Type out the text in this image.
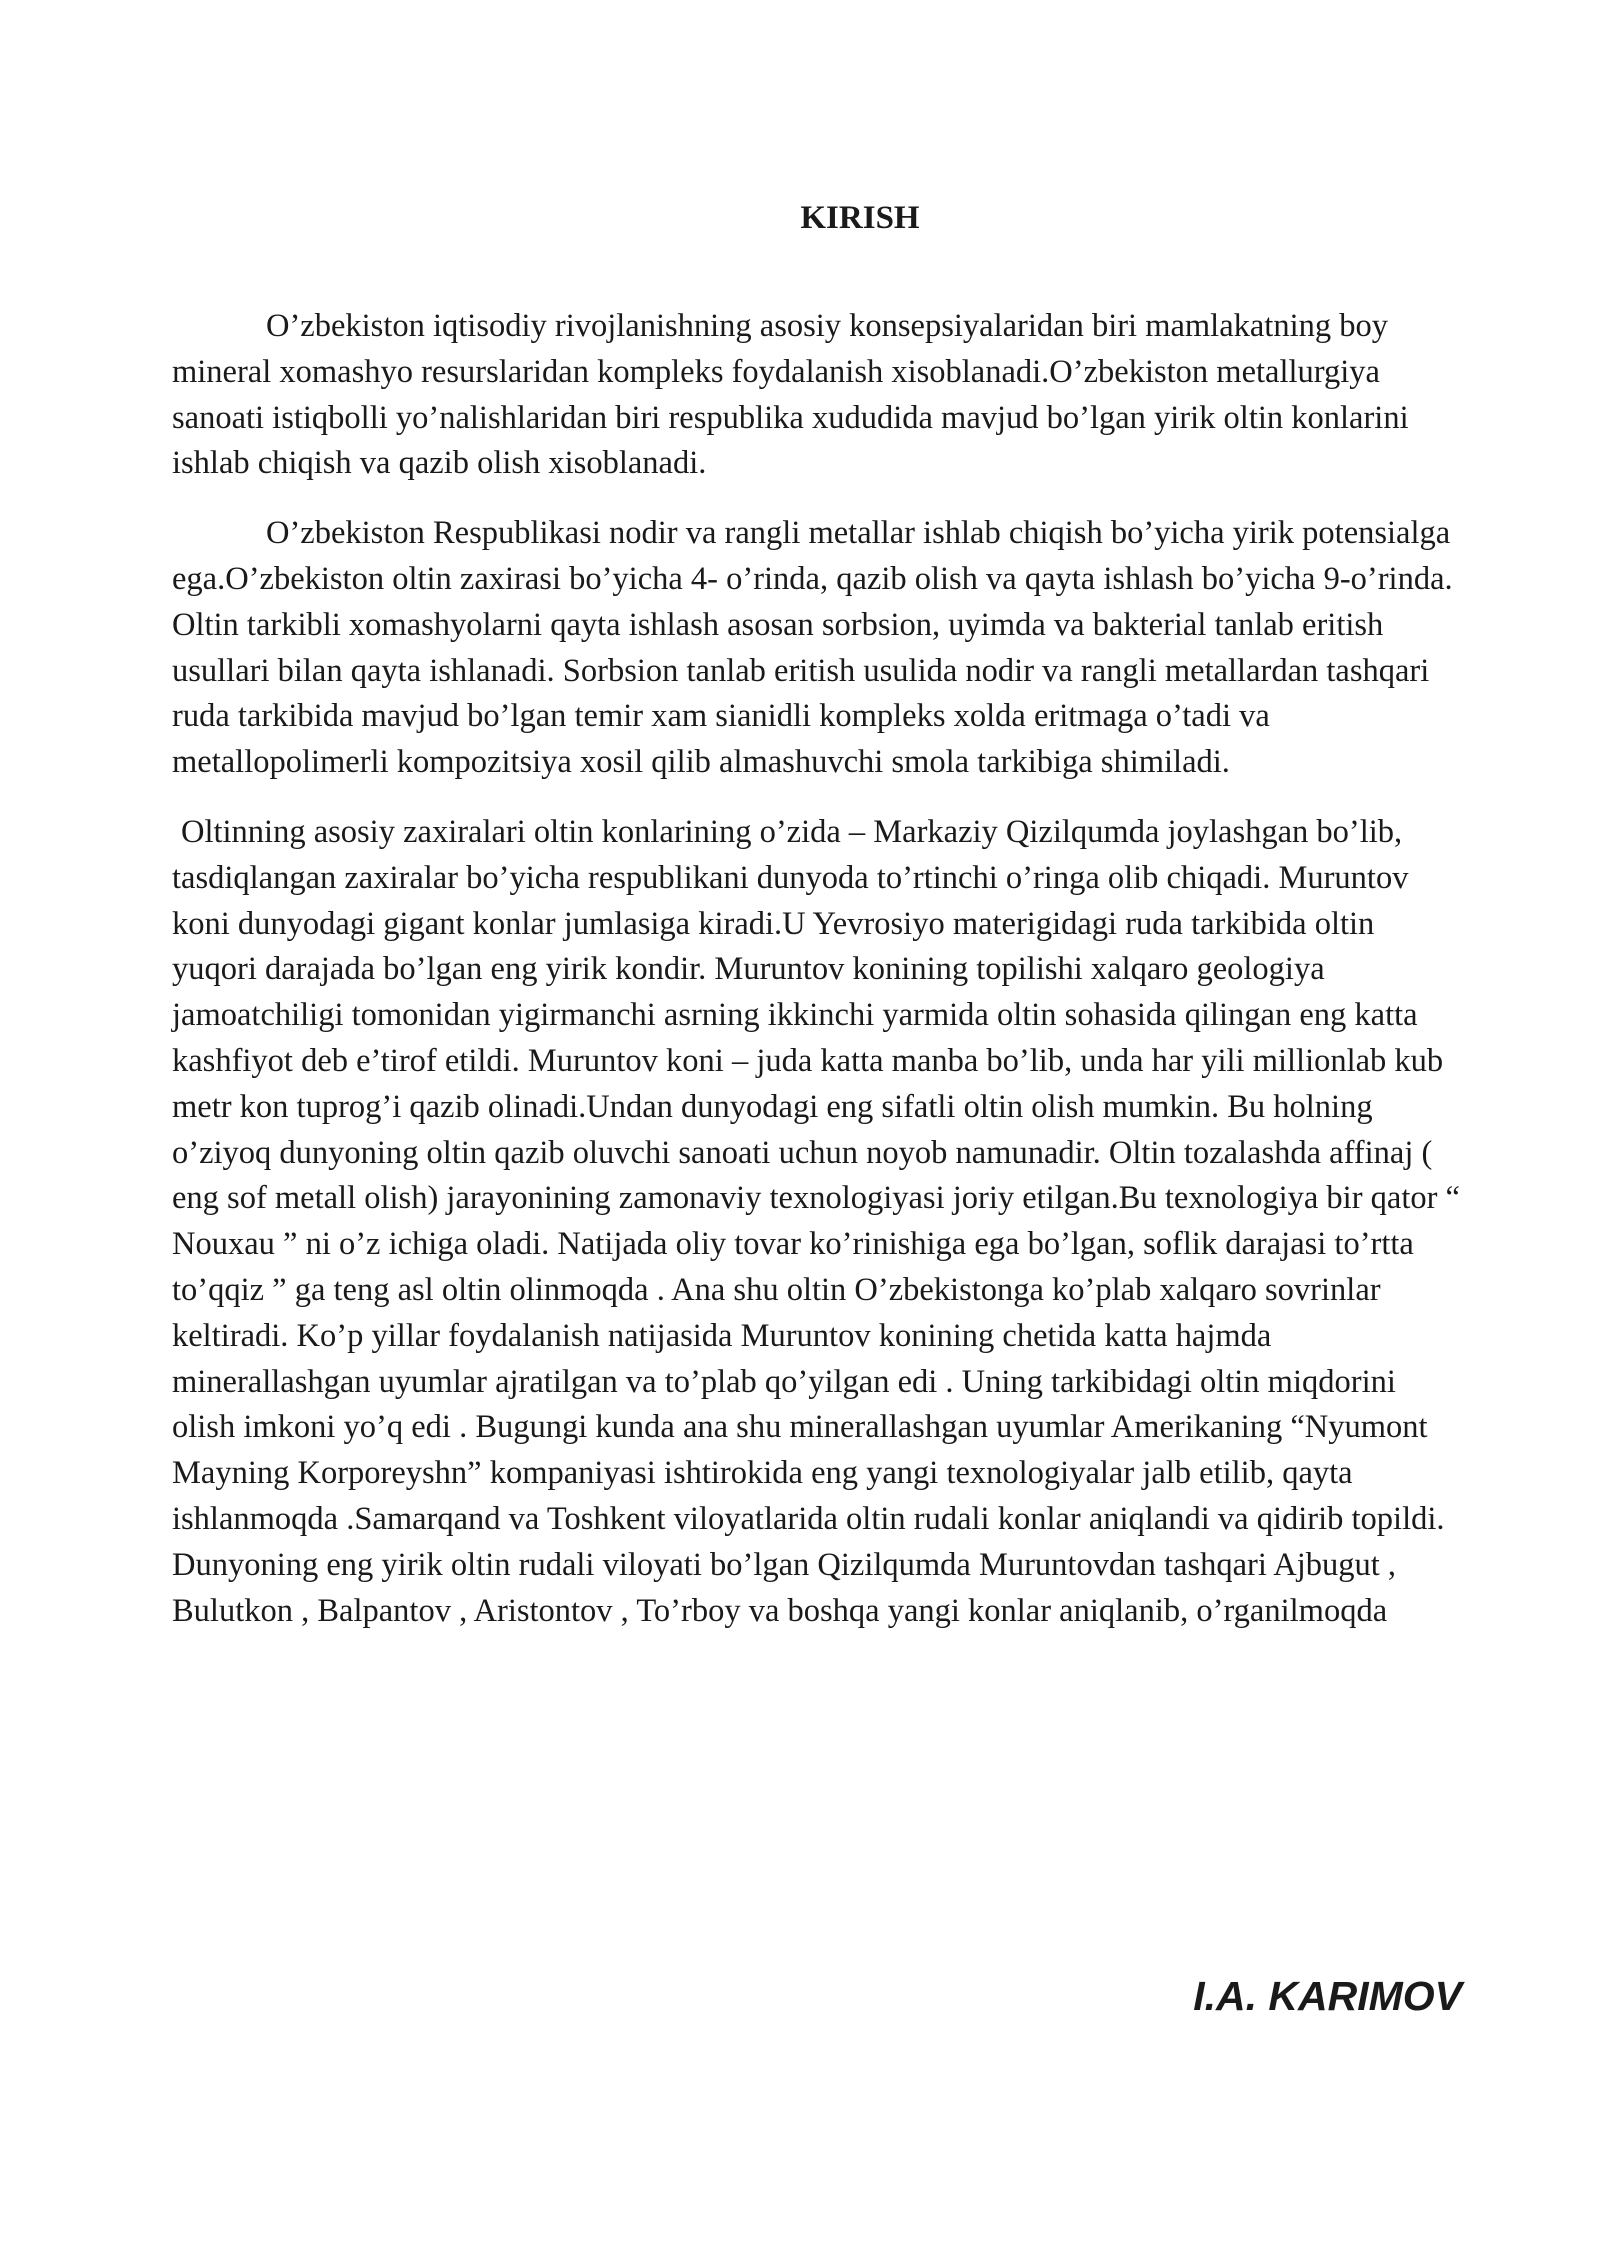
KIRISH

O’zbekiston iqtisodiy rivojlanishning asosiy konsepsiyalaridan biri mamlakatning boy mineral xomashyo resurslaridan kompleks foydalanish xisoblanadi.O’zbekiston metallurgiya sanoati istiqbolli yo’nalishlaridan biri respublika xududida mavjud bo’lgan yirik oltin konlarini ishlab chiqish va qazib olish xisoblanadi.

O’zbekiston Respublikasi nodir va rangli metallar ishlab chiqish bo’yicha yirik potensialga ega.O’zbekiston oltin zaxirasi bo’yicha 4- o’rinda, qazib olish va qayta ishlash bo’yicha 9-o’rinda. Oltin tarkibli xomashyolarni qayta ishlash asosan sorbsion, uyimda va bakterial tanlab eritish usullari bilan qayta ishlanadi. Sorbsion tanlab eritish usulida nodir va rangli metallardan tashqari ruda tarkibida mavjud bo’lgan temir xam sianidli kompleks xolda eritmaga o’tadi va metallopolimerli kompozitsiya xosil qilib almashuvchi smola tarkibiga shimiladi.

Oltinning asosiy zaxiralari oltin konlarining o’zida – Markaziy Qizilqumda joylashgan bo’lib, tasdiqlangan zaxiralar bo’yicha respublikani dunyoda to’rtinchi o’ringa olib chiqadi. Muruntov koni dunyodagi gigant konlar jumlasiga kiradi.U Yevrosiyo materigidagi ruda tarkibida oltin yuqori darajada bo’lgan eng yirik kondir. Muruntov konining topilishi xalqaro geologiya jamoatchiligi tomonidan yigirmanchi asrning ikkinchi yarmida oltin sohasida qilingan eng katta kashfiyot deb e’tirof etildi. Muruntov koni – juda katta manba bo’lib, unda har yili millionlab kub metr kon tuprog’i qazib olinadi.Undan dunyodagi eng sifatli oltin olish mumkin. Bu holning o’ziyoq dunyoning oltin qazib oluvchi sanoati uchun noyob namunadir. Oltin tozalashda affinaj ( eng sof metall olish) jarayonining zamonaviy texnologiyasi joriy etilgan.Bu texnologiya bir qator “ Nouxau ” ni o’z ichiga oladi. Natijada oliy tovar ko’rinishiga ega bo’lgan, soflik darajasi to’rtta to’qqiz ” ga teng asl oltin olinmoqda . Ana shu oltin O’zbekistonga ko’plab xalqaro sovrinlar keltiradi. Ko’p yillar foydalanish natijasida Muruntov konining chetida katta hajmda minerallashgan uyumlar ajratilgan va to’plab qo’yilgan edi . Uning tarkibidagi oltin miqdorini olish imkoni yo’q edi . Bugungi kunda ana shu minerallashgan uyumlar Amerikaning “Nyumont Mayning Korporeyshn” kompaniyasi ishtirokida eng yangi texnologiyalar jalb etilib, qayta ishlanmoqda .Samarqand va Toshkent viloyatlarida oltin rudali konlar aniqlandi va qidirib topildi. Dunyoning eng yirik oltin rudali viloyati bo’lgan Qizilqumda Muruntovdan tashqari Ajbugut , Bulutkon , Balpantov , Aristontov , To’rboy va boshqa yangi konlar aniqlanib, o’rganilmoqda

I.A. KARIMOV
